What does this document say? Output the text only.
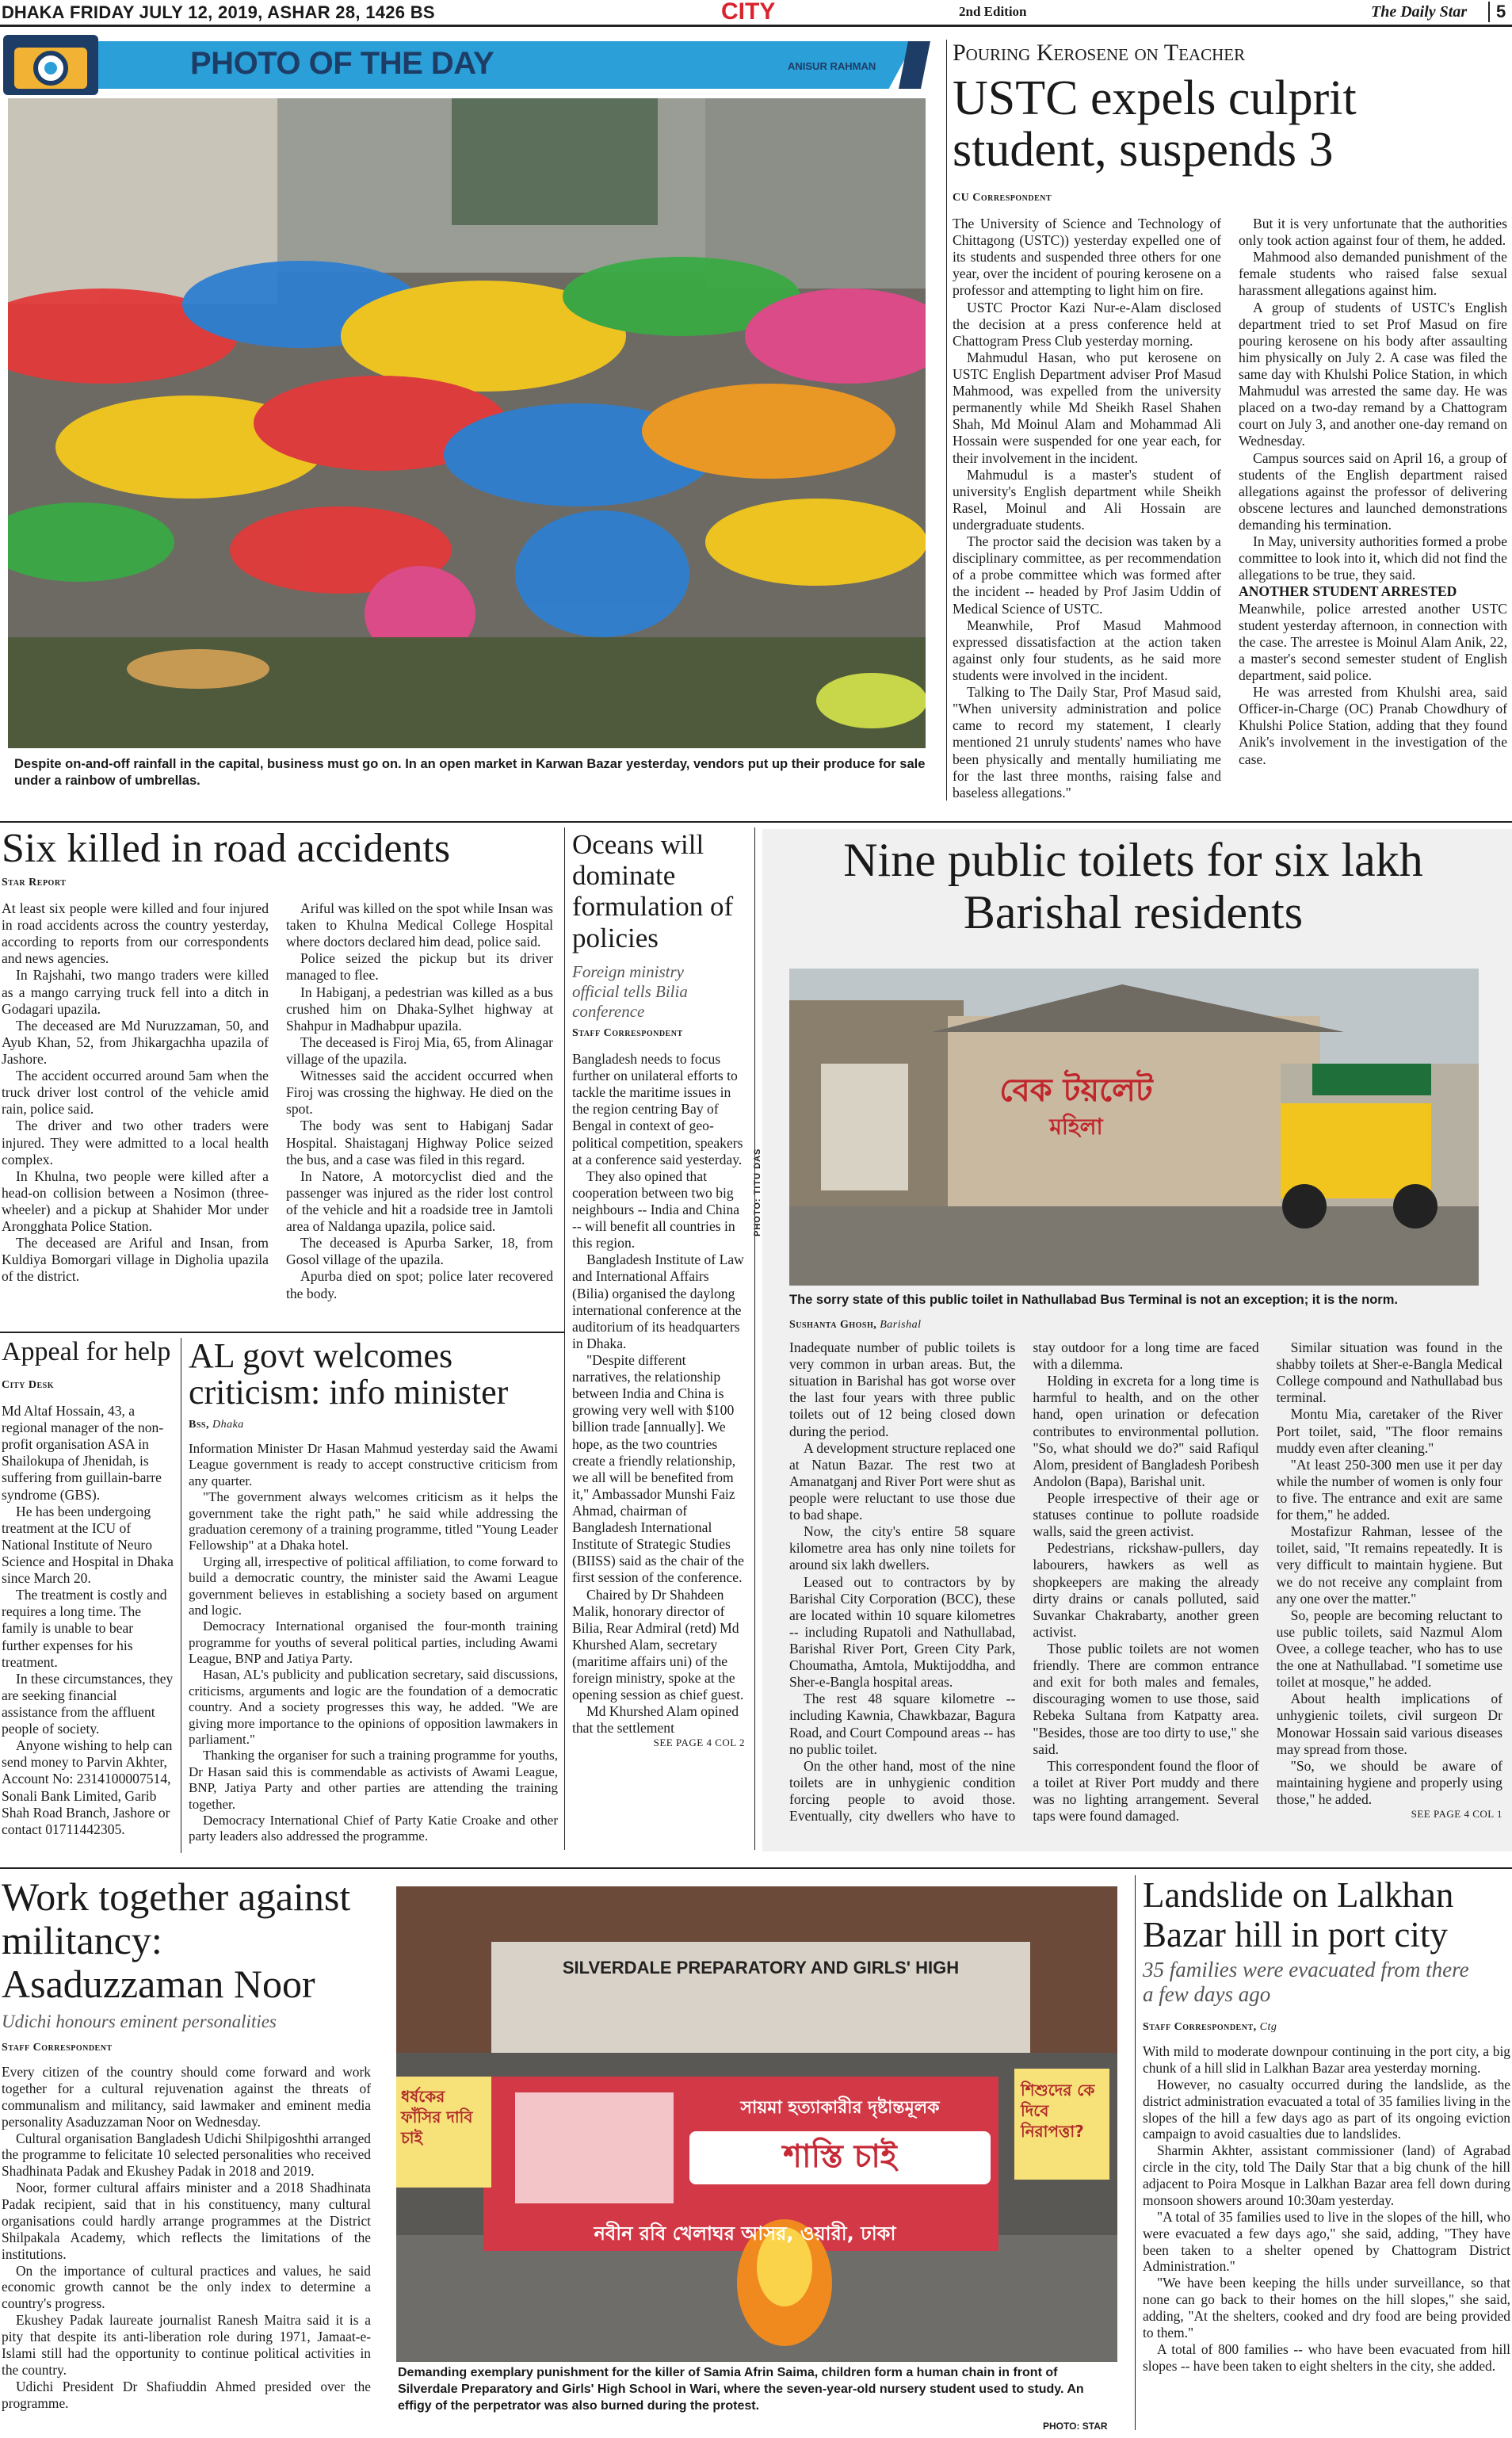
DHAKA FRIDAY JULY 12, 2019, ASHAR 28, 1426 BS	CITY	2nd Edition	The Daily Star	5
PHOTO OF THE DAY	ANISUR RAHMAN
Despite on-and-off rainfall in the capital, business must go on. In an open market in Karwan Bazar yesterday, vendors put up their produce for sale under a rainbow of umbrellas.
Pouring Kerosene on Teacher
USTC expels culprit student, suspends 3
CU Correspondent

The University of Science and Technology of Chittagong (USTC)) yesterday expelled one of its students and suspended three others for one year, over the incident of pouring kerosene on a professor and attempting to light him on fire.

USTC Proctor Kazi Nur-e-Alam disclosed the decision at a press conference held at Chattogram Press Club yesterday morning.

Mahmudul Hasan, who put kerosene on USTC English Department adviser Prof Masud Mahmood, was expelled from the university permanently while Md Sheikh Rasel Shahen Shah, Md Moinul Alam and Mohammad Ali Hossain were suspended for one year each, for their involvement in the incident.

Mahmudul is a master's student of university's English department while Sheikh Rasel, Moinul and Ali Hossain are undergraduate students.

The proctor said the decision was taken by a disciplinary committee, as per recommendation of a probe committee which was formed after the incident -- headed by Prof Jasim Uddin of Medical Science of USTC.

Meanwhile, Prof Masud Mahmood expressed dissatisfaction at the action taken against only four students, as he said more students were involved in the incident.

Talking to The Daily Star, Prof Masud said, "When university administration and police came to record my statement, I clearly mentioned 21 unruly students' names who have been physically and mentally humiliating me for the last three months, raising false and baseless allegations."

But it is very unfortunate that the authorities only took action against four of them, he added.

Mahmood also demanded punishment of the female students who raised false sexual harassment allegations against him.

A group of students of USTC's English department tried to set Prof Masud on fire pouring kerosene on his body after assaulting him physically on July 2. A case was filed the same day with Khulshi Police Station, in which Mahmudul was arrested the same day. He was placed on a two-day remand by a Chattogram court on July 3, and another one-day remand on Wednesday.

Campus sources said on April 16, a group of students of the English department raised allegations against the professor of delivering obscene lectures and launched demonstrations demanding his termination.

In May, university authorities formed a probe committee to look into it, which did not find the allegations to be true, they said.

ANOTHER STUDENT ARRESTED

Meanwhile, police arrested another USTC student yesterday afternoon, in connection with the case. The arrestee is Moinul Alam Anik, 22, a master's second semester student of English department, said police.

He was arrested from Khulshi area, said Officer-in-Charge (OC) Pranab Chowdhury of Khulshi Police Station, adding that they found Anik's involvement in the investigation of the case.

Six killed in road accidents
Star Report

At least six people were killed and four injured in road accidents across the country yesterday, according to reports from our correspondents and news agencies.

In Rajshahi, two mango traders were killed as a mango carrying truck fell into a ditch in Godagari upazila.

The deceased are Md Nuruzzaman, 50, and Ayub Khan, 52, from Jhikargachha upazila of Jashore.

The accident occurred around 5am when the truck driver lost control of the vehicle amid rain, police said.

The driver and two other traders were injured. They were admitted to a local health complex.

In Khulna, two people were killed after a head-on collision between a Nosimon (three-wheeler) and a pickup at Shahider Mor under Arongghata Police Station.

The deceased are Ariful and Insan, from Kuldiya Bomorgari village in Digholia upazila of the district.

Ariful was killed on the spot while Insan was taken to Khulna Medical College Hospital where doctors declared him dead, police said.

Police seized the pickup but its driver managed to flee.

In Habiganj, a pedestrian was killed as a bus crushed him on Dhaka-Sylhet highway at Shahpur in Madhabpur upazila.

The deceased is Firoj Mia, 65, from Alinagar village of the upazila.

Witnesses said the accident occurred when Firoj was crossing the highway. He died on the spot.

The body was sent to Habiganj Sadar Hospital. Shaistaganj Highway Police seized the bus, and a case was filed in this regard.

In Natore, A motorcyclist died and the passenger was injured as the rider lost control of the vehicle and hit a roadside tree in Jamtoli area of Naldanga upazila, police said.

The deceased is Apurba Sarker, 18, from Gosol village of the upazila.

Apurba died on spot; police later recovered the body.

Oceans will dominate formulation of policies
Foreign ministry official tells Bilia conference
Staff Correspondent

Bangladesh needs to focus further on unilateral efforts to tackle the maritime issues in the region centring Bay of Bengal in context of geo-political competition, speakers at a conference said yesterday.

They also opined that cooperation between two big neighbours -- India and China -- will benefit all countries in this region.

Bangladesh Institute of Law and International Affairs (Bilia) organised the daylong international conference at the auditorium of its headquarters in Dhaka.

"Despite different narratives, the relationship between India and China is growing very well with $100 billion trade [annually]. We hope, as the two countries create a friendly relationship, we all will be benefited from it," Ambassador Munshi Faiz Ahmad, chairman of Bangladesh International Institute of Strategic Studies (BIISS) said as the chair of the first session of the conference.

Chaired by Dr Shahdeen Malik, honorary director of Bilia, Rear Admiral (retd) Md Khurshed Alam, secretary (maritime affairs uni) of the foreign ministry, spoke at the opening session as chief guest.

Md Khurshed Alam opined that the settlement

SEE PAGE 4 COL 2

Nine public toilets for six lakh Barishal residents
বেক টয়লেট
মহিলা
PHOTO: TITU DAS
The sorry state of this public toilet in Nathullabad Bus Terminal is not an exception; it is the norm.
Sushanta Ghosh, Barishal

Inadequate number of public toilets is very common in urban areas. But, the situation in Barishal has got worse over the last four years with three public toilets out of 12 being closed down during the period.

A development structure replaced one at Natun Bazar. The rest two at Amanatganj and River Port were shut as people were reluctant to use those due to bad shape.

Now, the city's entire 58 square kilometre area has only nine toilets for around six lakh dwellers.

Leased out to contractors by by Barishal City Corporation (BCC), these are located within 10 square kilometres -- including Rupatoli and Nathullabad, Barishal River Port, Green City Park, Choumatha, Amtola, Muktijoddha, and Sher-e-Bangla hospital areas.

The rest 48 square kilometre -- including Kawnia, Chawkbazar, Bagura Road, and Court Compound areas -- has no public toilet.

On the other hand, most of the nine toilets are in unhygienic condition forcing people to avoid those. Eventually, city dwellers who have to stay outdoor for a long time are faced with a dilemma.

Holding in excreta for a long time is harmful to health, and on the other hand, open urination or defecation contributes to environmental pollution. "So, what should we do?" said Rafiqul Alom, president of Bangladesh Poribesh Andolon (Bapa), Barishal unit.

People irrespective of their age or statuses continue to pollute roadside walls, said the green activist.

Pedestrians, rickshaw-pullers, day labourers, hawkers as well as shopkeepers are making the already dirty drains or canals polluted, said Suvankar Chakrabarty, another green activist.

Those public toilets are not women friendly. There are common entrance and exit for both males and females, discouraging women to use those, said Rebeka Sultana from Katpatty area. "Besides, those are too dirty to use," she said.

This correspondent found the floor of a toilet at River Port muddy and there was no lighting arrangement. Several taps were found damaged.

Similar situation was found in the shabby toilets at Sher-e-Bangla Medical College compound and Nathullabad bus terminal.

Montu Mia, caretaker of the River Port toilet, said, "The floor remains muddy even after cleaning."

"At least 250-300 men use it per day while the number of women is only four to five. The entrance and exit are same for them," he added.

Mostafizur Rahman, lessee of the toilet, said, "It remains repeatedly. It is very difficult to maintain hygiene. But we do not receive any complaint from any one over the matter."

So, people are becoming reluctant to use public toilets, said Nazmul Alom Ovee, a college teacher, who has to use the one at Nathullabad. "I sometime use toilet at mosque," he added.

About health implications of unhygienic toilets, civil surgeon Dr Monowar Hossain said various diseases may spread from those.

"So, we should be aware of maintaining hygiene and properly using those," he added.

SEE PAGE 4 COL 1

Appeal for help
City Desk

Md Altaf Hossain, 43, a regional manager of the non-profit organisation ASA in Shailokupa of Jhenidah, is suffering from guillain-barre syndrome (GBS).

He has been undergoing treatment at the ICU of National Institute of Neuro Science and Hospital in Dhaka since March 20.

The treatment is costly and requires a long time. The family is unable to bear further expenses for his treatment.

In these circumstances, they are seeking financial assistance from the affluent people of society.

Anyone wishing to help can send money to Parvin Akhter, Account No: 2314100007514, Sonali Bank Limited, Garib Shah Road Branch, Jashore or contact 01711442305.

AL govt welcomes criticism: info minister
Bss, Dhaka

Information Minister Dr Hasan Mahmud yesterday said the Awami League government is ready to accept constructive criticism from any quarter.

"The government always welcomes criticism as it helps the government take the right path," he said while addressing the graduation ceremony of a training programme, titled "Young Leader Fellowship" at a Dhaka hotel.

Urging all, irrespective of political affiliation, to come forward to build a democratic country, the minister said the Awami League government believes in establishing a society based on argument and logic.

Democracy International organised the four-month training programme for youths of several political parties, including Awami League, BNP and Jatiya Party.

Hasan, AL's publicity and publication secretary, said discussions, criticisms, arguments and logic are the foundation of a democratic country. And a society progresses this way, he added. "We are giving more importance to the opinions of opposition lawmakers in parliament."

Thanking the organiser for such a training programme for youths, Dr Hasan said this is commendable as activists of Awami League, BNP, Jatiya Party and other parties are attending the training together.

Democracy International Chief of Party Katie Croake and other party leaders also addressed the programme.

Work together against militancy: Asaduzzaman Noor
Udichi honours eminent personalities
Staff Correspondent

Every citizen of the country should come forward and work together for a cultural rejuvenation against the threats of communalism and militancy, said lawmaker and eminent media personality Asaduzzaman Noor on Wednesday.

Cultural organisation Bangladesh Udichi Shilpigoshthi arranged the programme to felicitate 10 selected personalities who received Shadhinata Padak and Ekushey Padak in 2018 and 2019.

Noor, former cultural affairs minister and a 2018 Shadhinata Padak recipient, said that in his constituency, many cultural organisations could hardly arrange programmes at the District Shilpakala Academy, which reflects the limitations of the institutions.

On the importance of cultural practices and values, he said economic growth cannot be the only index to determine a country's progress.

Ekushey Padak laureate journalist Ranesh Maitra said it is a pity that despite its anti-liberation role during 1971, Jamaat-e-Islami still had the opportunity to continue political activities in the country.

Udichi President Dr Shafiuddin Ahmed presided over the programme.

SILVERDALE PREPARATORY AND GIRLS' HIGH
সায়মা হত্যাকারীর দৃষ্টান্তমূলক
শাস্তি চাই
নবীন রবি খেলাঘর আসর, ওয়ারী, ঢাকা
ধর্ষকের ফাঁসির দাবি চাই
শিশুদের কে দিবে নিরাপত্তা?
Demanding exemplary punishment for the killer of Samia Afrin Saima, children form a human chain in front of Silverdale Preparatory and Girls' High School in Wari, where the seven-year-old nursery student used to study. An effigy of the perpetrator was also burned during the protest.
PHOTO: STAR
Landslide on Lalkhan Bazar hill in port city
35 families were evacuated from there a few days ago
Staff Correspondent, Ctg

With mild to moderate downpour continuing in the port city, a big chunk of a hill slid in Lalkhan Bazar area yesterday morning.

However, no casualty occurred during the landslide, as the district administration evacuated a total of 35 families living in the slopes of the hill a few days ago as part of its ongoing eviction campaign to avoid casualties due to landslides.

Sharmin Akhter, assistant commissioner (land) of Agrabad circle in the city, told The Daily Star that a big chunk of the hill adjacent to Poira Mosque in Lalkhan Bazar area fell down during monsoon showers around 10:30am yesterday.

"A total of 35 families used to live in the slopes of the hill, who were evacuated a few days ago," she said, adding, "They have been taken to a shelter opened by Chattogram District Administration."

"We have been keeping the hills under surveillance, so that none can go back to their homes on the hill slopes," she said, adding, "At the shelters, cooked and dry food are being provided to them."

A total of 800 families -- who have been evacuated from hill slopes -- have been taken to eight shelters in the city, she added.
